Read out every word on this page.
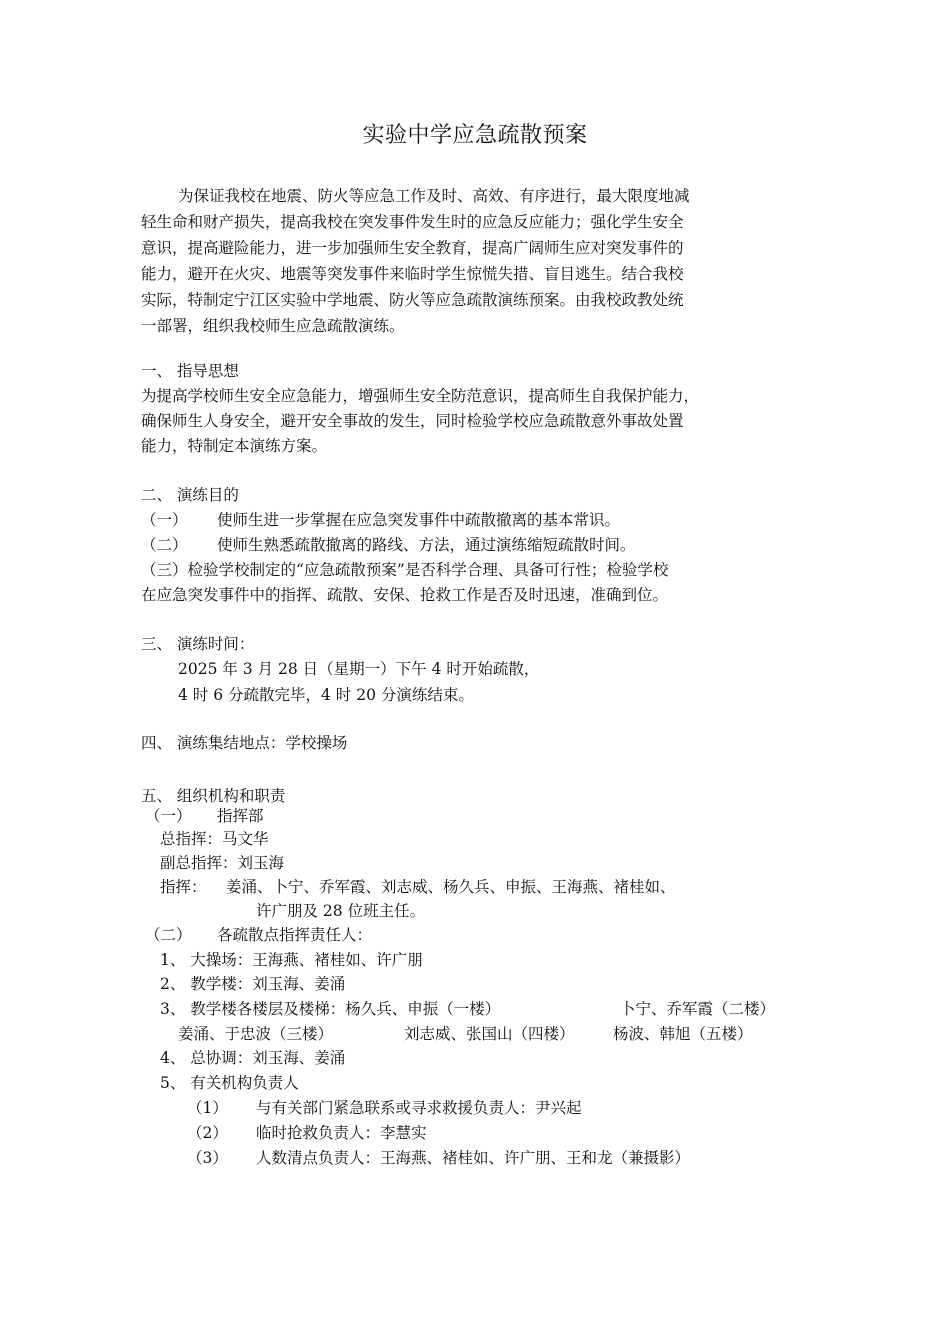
实验中学应急疏散预案
为保证我校在地震、防火等应急工作及时、高效、有序进行，最大限度地减
轻生命和财产损失，提高我校在突发事件发生时的应急反应能力；强化学生安全
意识，提高避险能力，进一步加强师生安全教育，提高广阔师生应对突发事件的
能力，避开在火灾、地震等突发事件来临时学生惊慌失措、盲目逃生。结合我校
实际，特制定宁江区实验中学地震、防火等应急疏散演练预案。由我校政教处统
一部署，组织我校师生应急疏散演练。
一、 指导思想
为提高学校师生安全应急能力，增强师生安全防范意识，提高师生自我保护能力，
确保师生人身安全，避开安全事故的发生，同时检验学校应急疏散意外事故处置
能力，特制定本演练方案。
二、 演练目的
（一） 使师生进一步掌握在应急突发事件中疏散撤离的基本常识。
（二） 使师生熟悉疏散撤离的路线、方法，通过演练缩短疏散时间。
（三）检验学校制定的“应急疏散预案”是否科学合理、具备可行性；检验学校
在应急突发事件中的指挥、疏散、安保、抢救工作是否及时迅速，准确到位。
三、 演练时间：
2025 年 3 月 28 日（星期一）下午 4 时开始疏散，
4 时 6 分疏散完毕，4 时 20 分演练结束。
四、 演练集结地点：学校操场
五、 组织机构和职责
（一） 指挥部
总指挥：马文华
副总指挥：刘玉海
指挥： 姜涌、卜宁、乔军霞、刘志威、杨久兵、申振、王海燕、褚桂如、
许广朋及 28 位班主任。
（二） 各疏散点指挥责任人：
1、 大操场：王海燕、褚桂如、许广朋
2、 教学楼：刘玉海、姜涌
3、 教学楼各楼层及楼梯：杨久兵、申振（一楼）	卜宁、乔军霞（二楼）
姜涌、于忠波（三楼）	刘志威、张国山（四楼） 杨波、韩旭（五楼）
4、 总协调：刘玉海、姜涌
5、 有关机构负责人
（1） 与有关部门紧急联系或寻求救援负责人：尹兴起
（2） 临时抢救负责人：李慧实
（3） 人数清点负责人：王海燕、褚桂如、许广朋、王和龙（兼摄影）
